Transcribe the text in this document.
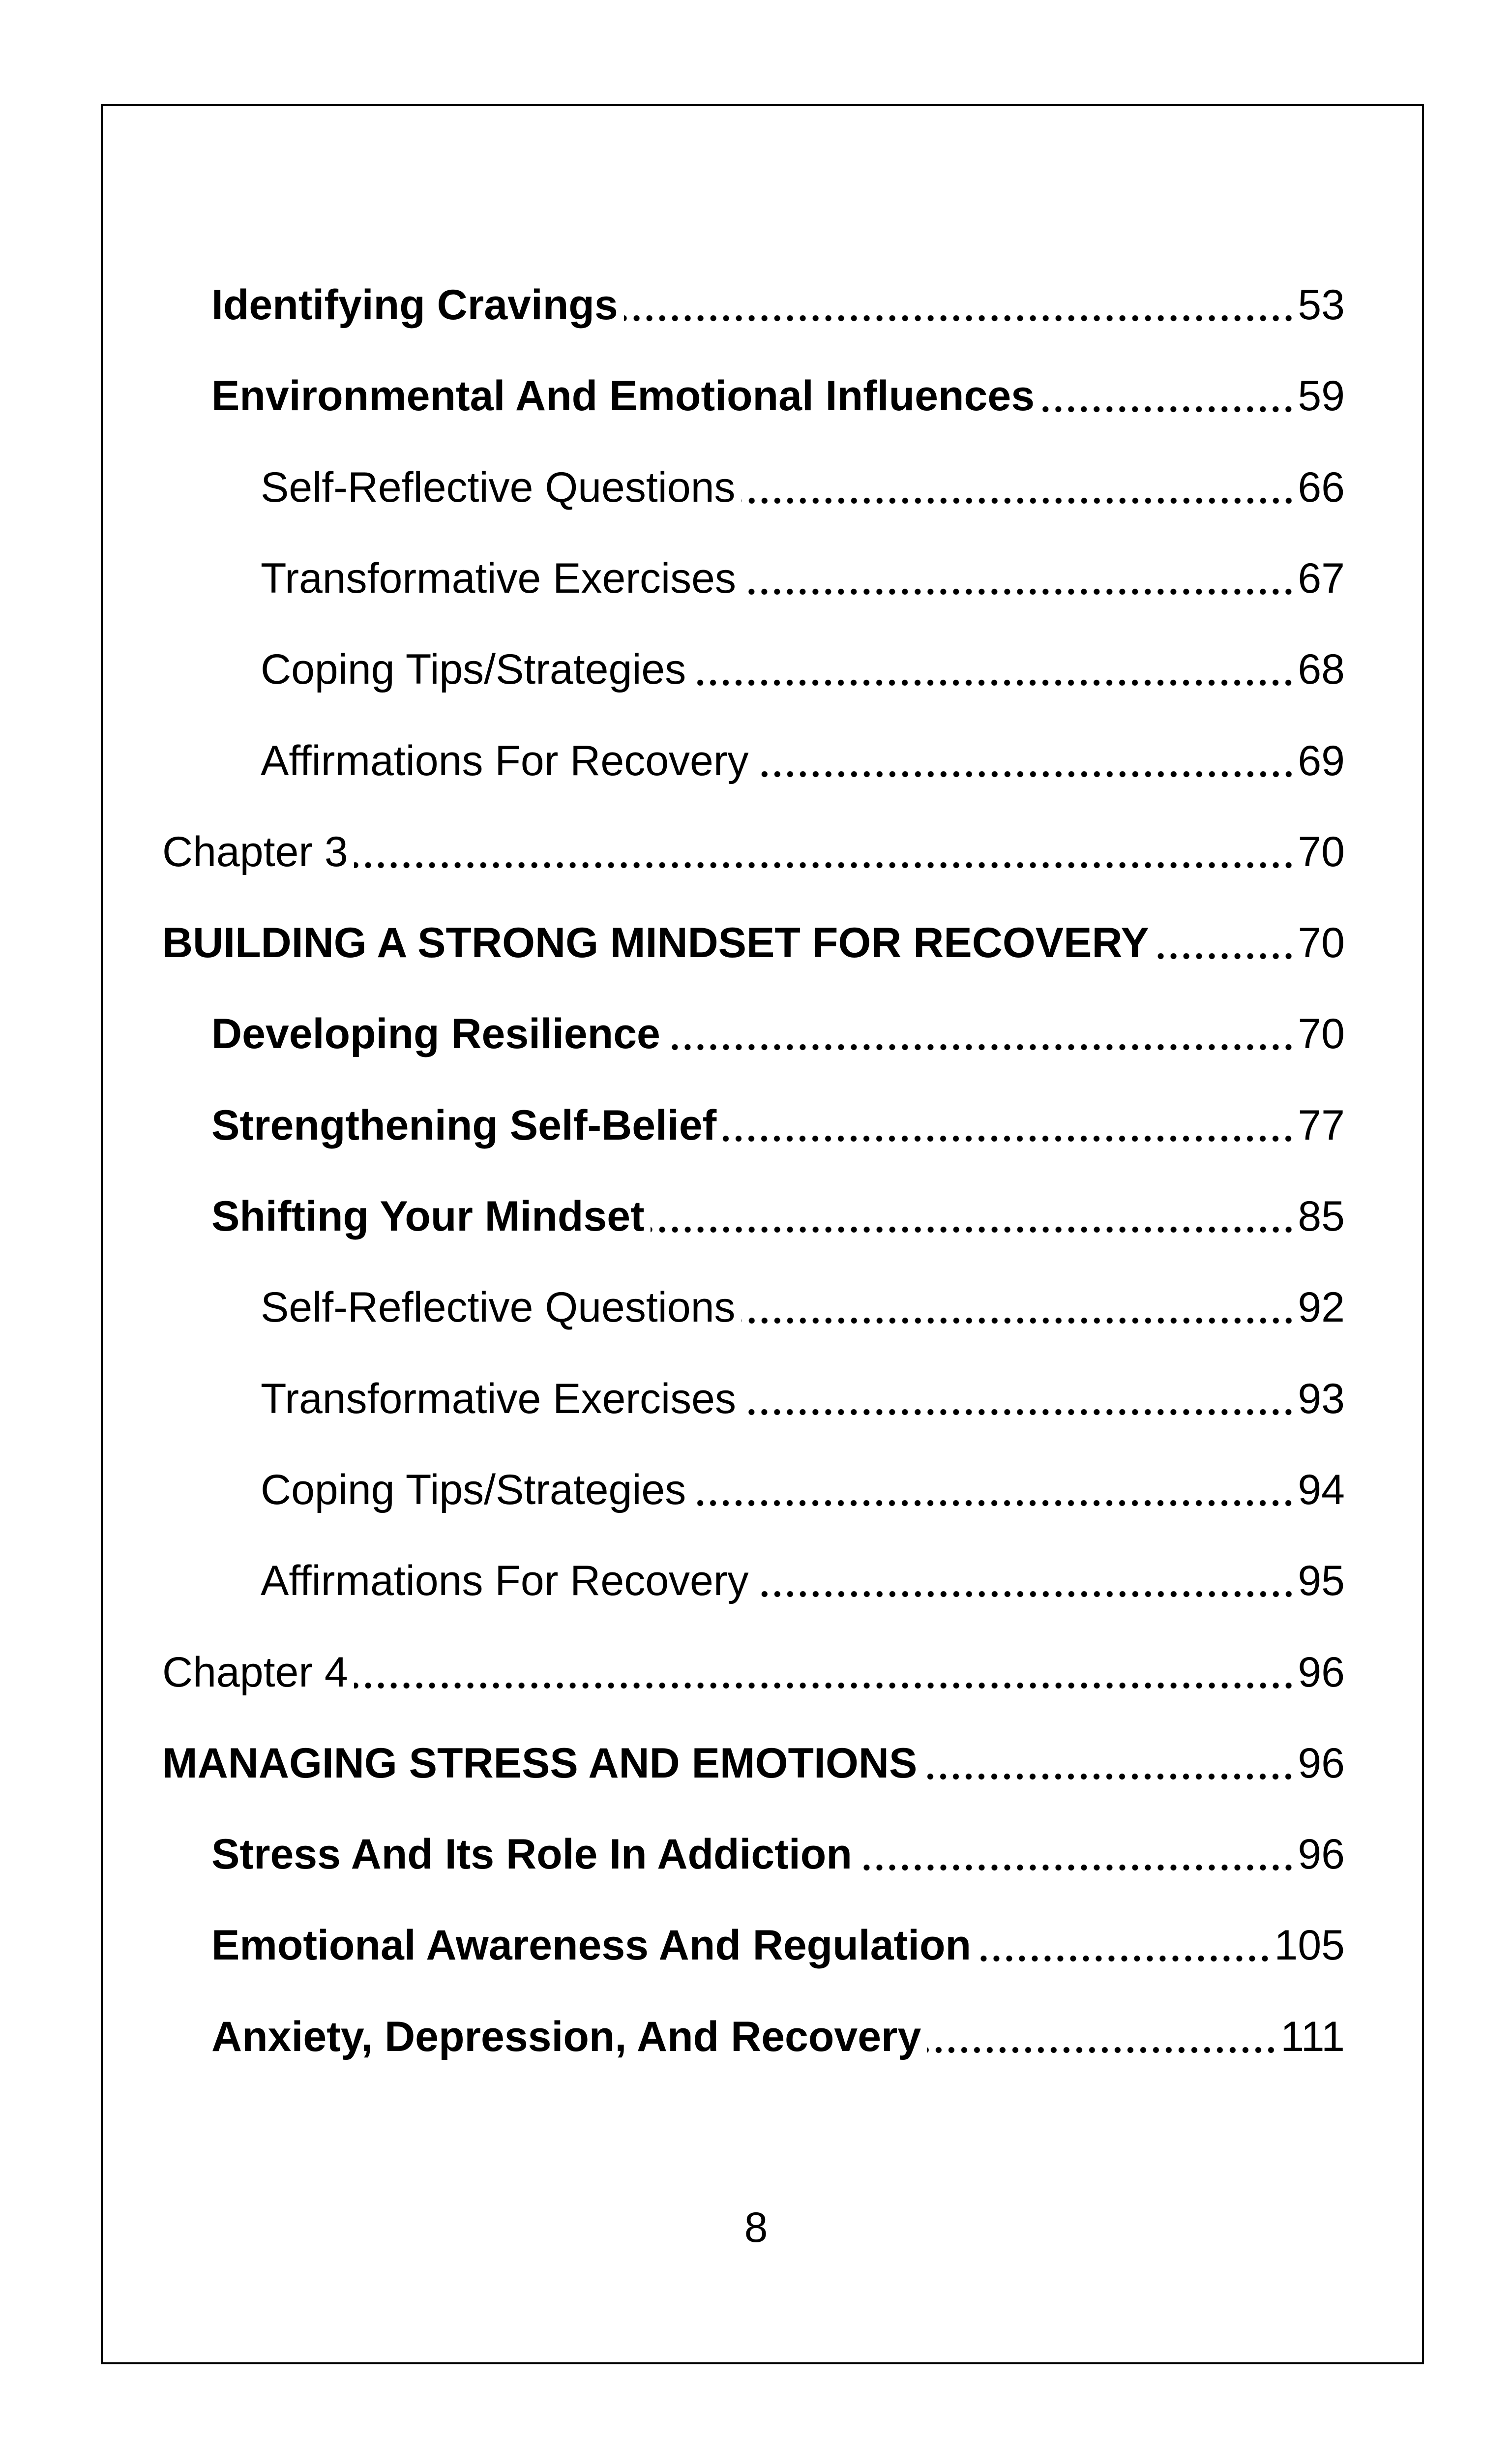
Identifying Cravings	53
Environmental And Emotional Influences	59
Self-Reflective Questions	66
Transformative Exercises	67
Coping Tips/Strategies	68
Affirmations For Recovery	69
Chapter 3	70
BUILDING A STRONG MINDSET FOR RECOVERY	70
Developing Resilience	70
Strengthening Self-Belief	77
Shifting Your Mindset	85
Self-Reflective Questions	92
Transformative Exercises	93
Coping Tips/Strategies	94
Affirmations For Recovery	95
Chapter 4	96
MANAGING STRESS AND EMOTIONS	96
Stress And Its Role In Addiction	96
Emotional Awareness And Regulation	105
Anxiety, Depression, And Recovery	111
8
